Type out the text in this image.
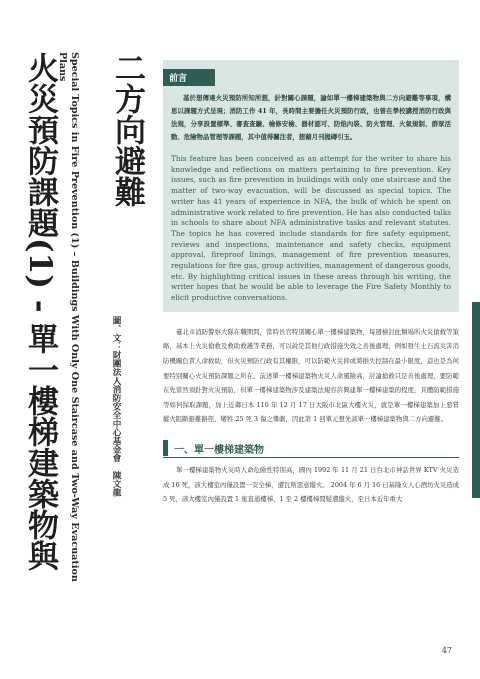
二方向避難
火災預防課題(1) - 單一樓梯建築物與 Special Topics in Fire Prevention (1) – Buildings With Only One Staircase and Two-Way Evacuation Plans
圖、文：財團法人消防安全中心基金會　陳文龍
前言
基於想傳達火災預防所知所想，針對關心課題，論如單一樓梯建築物與二方向避難等事項，構思以課題方式呈現；消防工作 41 年，長時間主要擔任火災預防行政，也曾在學校講授消防行政與法規，分享設置標準、審查查驗、檢修安檢、器材認可、防焰內裝、防火管理、火氣規制、群眾活動、危險物品管理等課題，其中值得關注者，想藉月刊拋磚引玉。
This feature has been conceived as an attempt for the writer to share his knowledge and reflections on matters pertaining to fire prevention. Key issues, such as fire prevention in buildings with only one staircase and the matter of two-way evacuation, will be discussed as special topics. The writer has 41 years of experience in NFA, the bulk of which he spent on administrative work related to fire prevention. He has also conducted talks in schools to share about NFA administrative tasks and relevant statutes. The topics he has covered include standards for fire safety equipment, reviews and inspections, maintenance and safety checks, equipment approval, fireproof linings, management of fire prevention measures, regulations for fire gas, group activities, management of dangerous goods, etc. By highlighting critical issues in these areas through his writing, the writer hopes that he would be able to leverage the Fire Safety Monthly to elicit productive conversations.

臺北市消防警察大隊在職期間，當時長官特別關心單一樓梯建築物，每週檢討此類場所火災搶救等策略，基本上火災搶救及救助救護等業務，可以說是其他行政措施失效之善後處理，例如發生土石流災害消防機關負責人命救助，但火災預防行政有其權限，可以防範火災抑或將損失控制在最小限度，這也是為何要特別關心火災預防課題之所在。前述單一樓梯建築物火災人命風險高，討論搶救只是善後處理，要防範在先當然須針對火災預防，但單一樓梯建築物涉及建築法規容許興建單一樓梯建築的程度，具體防範措施等如何採取課題，加上近鄰日本 110 年 12 月 17 日大阪市北區大樓火災，就是單一樓梯建築加上惡質縱火阻斷避難路徑，犧牲 25 死 3 傷之慘劇，因此第 1 回單元想先談單一樓梯建築物與二方向避難。

一、單一樓梯建築物

單一樓梯建築物火災時人命危險性特別高，國內 1992 年 11 月 21 日台北市神話世界 KTV 火災造成 16 死，該大樓室內僅設置一安全梯，遭瓦斯惡意縱火。 2004 年 6 月 16 日基隆女人心酒坊火災造成 5 死，該大樓室內僅設置 1 座直通樓梯，1 至 2 樓樓梯間疑遭縱火，至日本近年重大

47
